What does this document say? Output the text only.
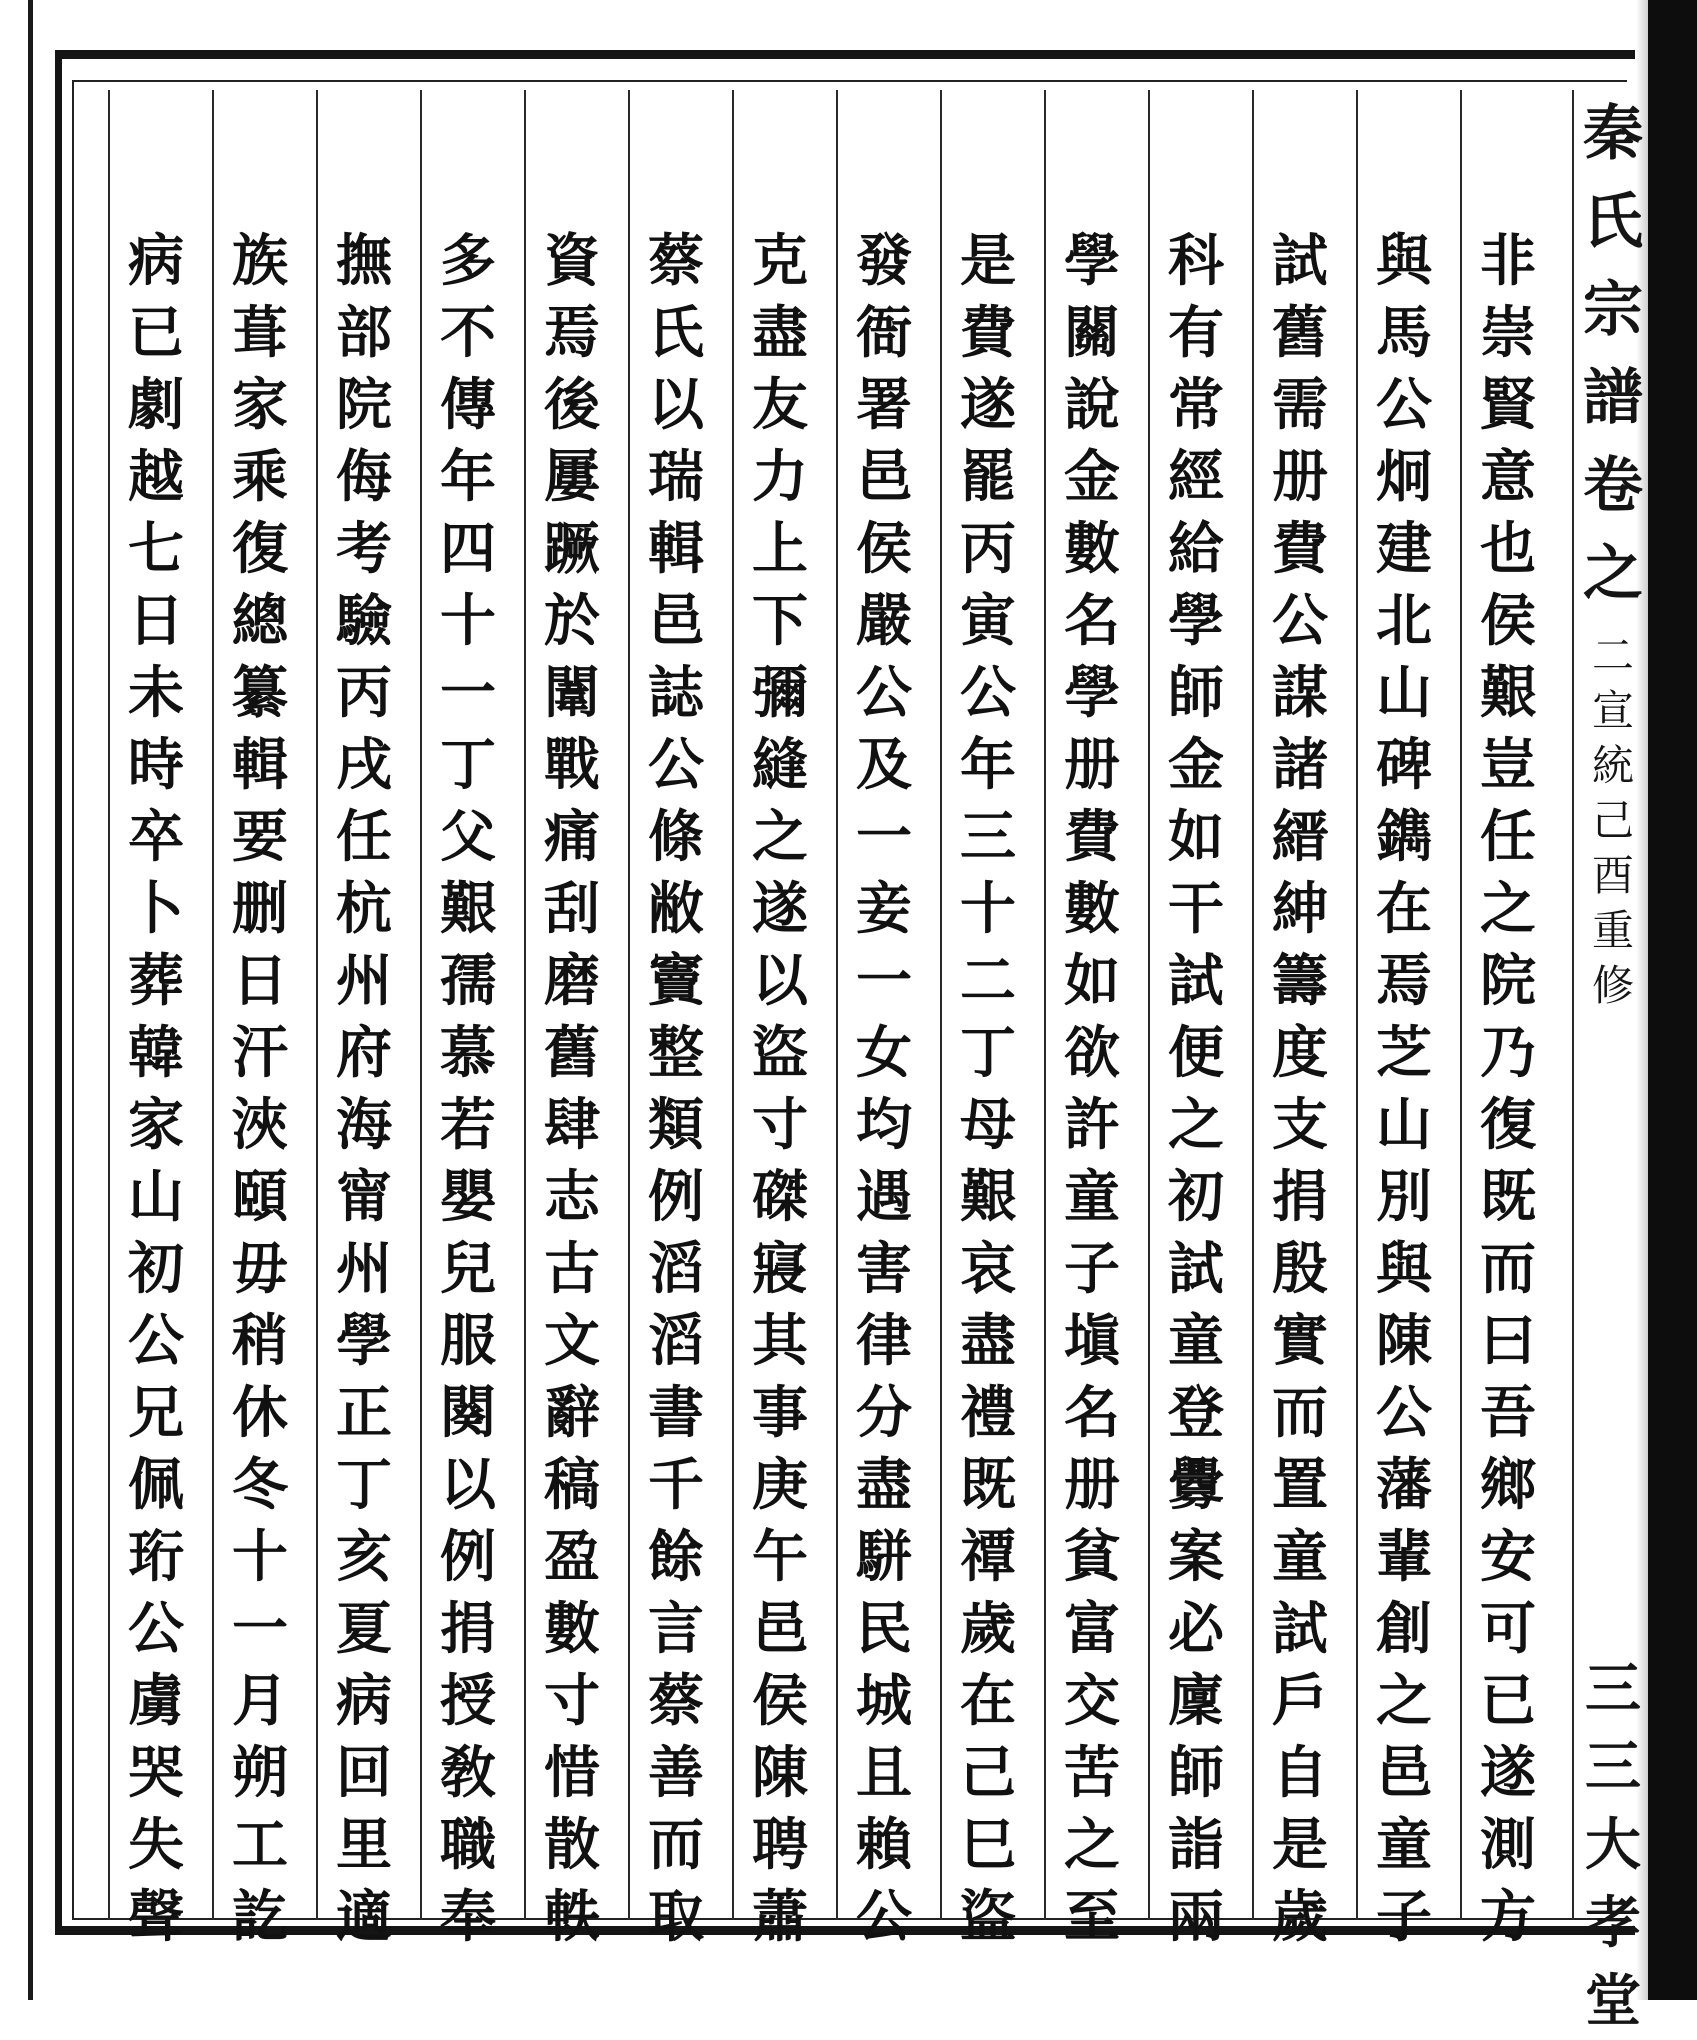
非
崇
賢
意
也
侯
艱
豈
任
之
院
乃
復
既
而
曰
吾
鄉
安
可
已
遂
測
方
與
馬
公
炯
建
北
山
碑
鐫
在
焉
芝
山
別
與
陳
公
藩
輩
創
之
邑
童
子
試
舊
需
册
費
公
謀
諸
縉
紳
籌
度
支
捐
殷
實
而
置
童
試
戶
自
是
歲
科
有
常
經
給
學
師
金
如
干
試
便
之
初
試
童
登
釁
案
必
廩
師
詣
兩
學
關
說
金
數
名
學
册
費
數
如
欲
許
童
子
塡
名
册
貧
富
交
苦
之
至
是
費
遂
罷
丙
寅
公
年
三
十
二
丁
母
艱
哀
盡
禮
既
禫
歲
在
己
巳
盜
發
衙
署
邑
侯
嚴
公
及
一
妾
一
女
均
遇
害
律
分
盡
駢
民
城
且
賴
公
克
盡
友
力
上
下
彌
縫
之
遂
以
盜
寸
磔
寢
其
事
庚
午
邑
侯
陳
聘
蕭
蔡
氏
以
瑞
輯
邑
誌
公
條
敝
竇
整
類
例
滔
滔
書
千
餘
言
蔡
善
而
取
資
焉
後
屢
蹶
於
闈
戰
痛
刮
磨
舊
肆
志
古
文
辭
稿
盈
數
寸
惜
散
軼
多
不
傳
年
四
十
一
丁
父
艱
孺
慕
若
嬰
兒
服
闋
以
例
捐
授
敎
職
奉
撫
部
院
侮
考
驗
丙
戌
任
杭
州
府
海
甯
州
學
正
丁
亥
夏
病
回
里
適
族
葺
家
乘
復
總
纂
輯
要
删
日
汗
浹
頤
毋
稍
休
冬
十
一
月
朔
工
訖
病
已
劇
越
七
日
未
時
卒
卜
葬
韓
家
山
初
公
兄
佩
珩
公
虜
哭
失
聲
秦
氏
宗
譜
卷
之
二
宣
統
己
酉
重
修
三
三
大
孝
堂
